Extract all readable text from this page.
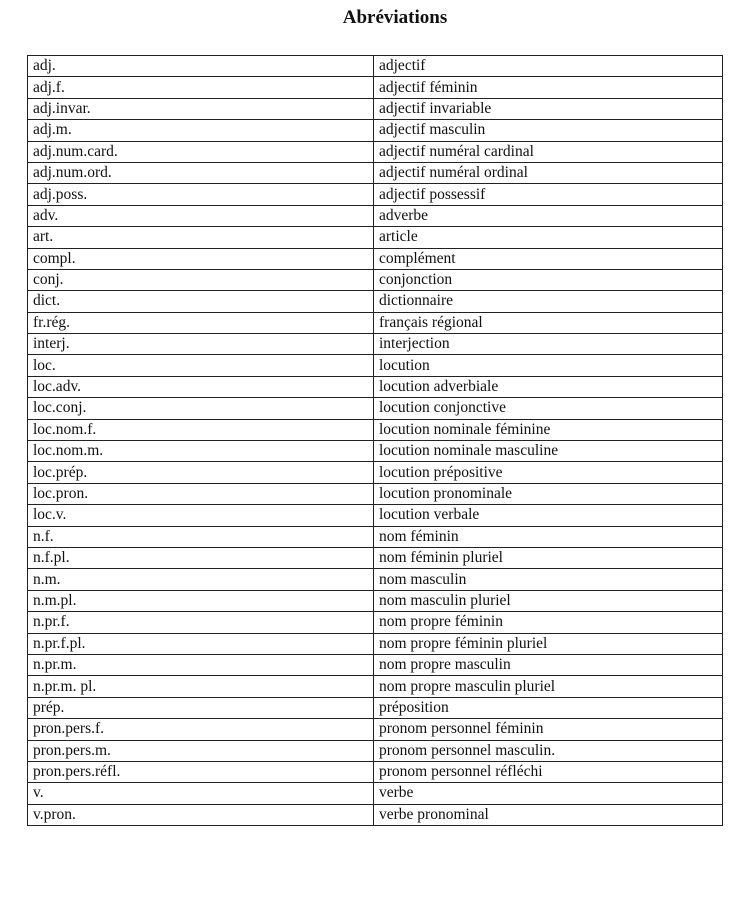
Abréviations
adj.	adjectif
adj.f.	adjectif féminin
adj.invar.	adjectif invariable
adj.m.	adjectif masculin
adj.num.card.	adjectif numéral cardinal
adj.num.ord.	adjectif numéral ordinal
adj.poss.	adjectif possessif
adv.	adverbe
art.	article
compl.	complément
conj.	conjonction
dict.	dictionnaire
fr.rég.	français régional
interj.	interjection
loc.	locution
loc.adv.	locution adverbiale
loc.conj.	locution conjonctive
loc.nom.f.	locution nominale féminine
loc.nom.m.	locution nominale masculine
loc.prép.	locution prépositive
loc.pron.	locution pronominale
loc.v.	locution verbale
n.f.	nom féminin
n.f.pl.	nom féminin pluriel
n.m.	nom masculin
n.m.pl.	nom masculin pluriel
n.pr.f.	nom propre féminin
n.pr.f.pl.	nom propre féminin pluriel
n.pr.m.	nom propre masculin
n.pr.m. pl.	nom propre masculin pluriel
prép.	préposition
pron.pers.f.	pronom personnel féminin
pron.pers.m.	pronom personnel masculin.
pron.pers.réfl.	pronom personnel réfléchi
v.	verbe
v.pron.	verbe pronominal
